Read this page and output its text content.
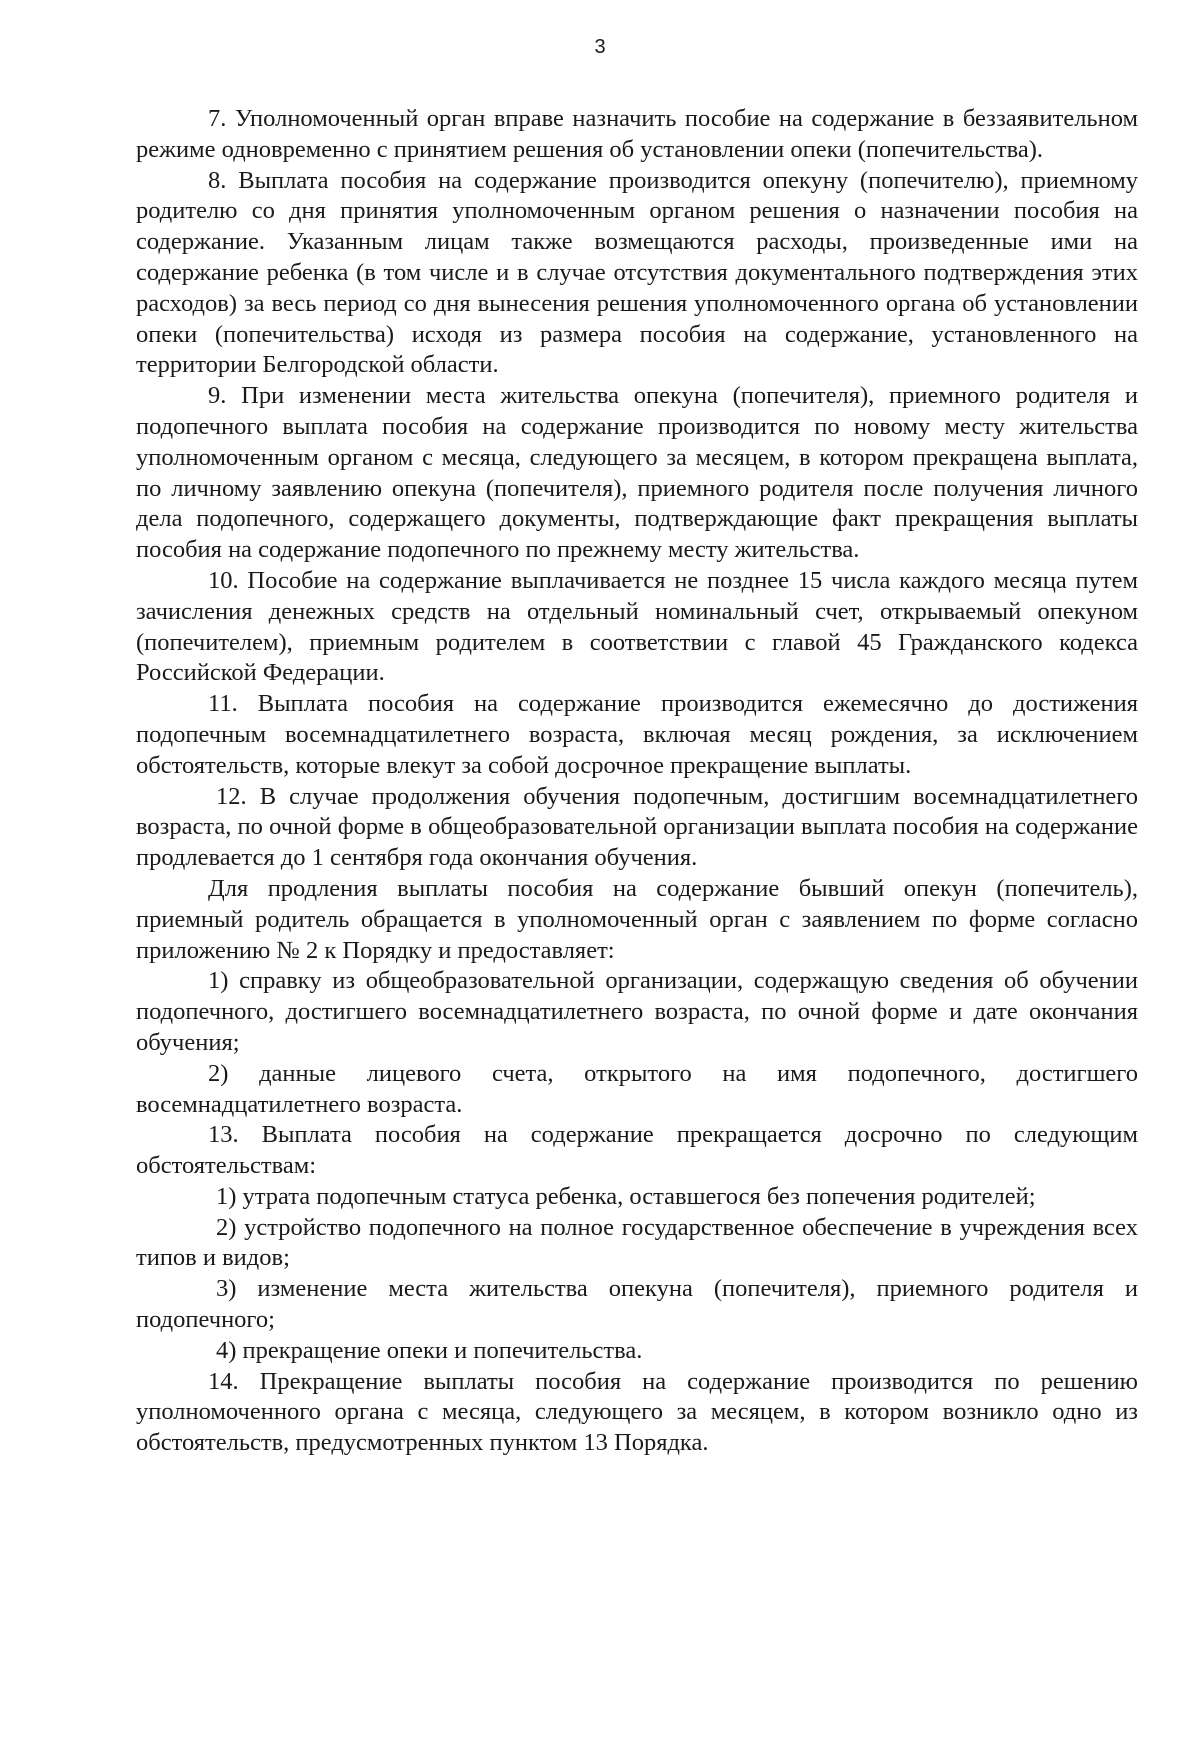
3

7. Уполномоченный орган вправе назначить пособие на содержание в беззаявительном режиме одновременно с принятием решения об установлении опеки (попечительства).

8. Выплата пособия на содержание производится опекуну (попечителю), приемному родителю со дня принятия уполномоченным органом решения о назначении пособия на содержание. Указанным лицам также возмещаются расходы, произведенные ими на содержание ребенка (в том числе и в случае отсутствия документального подтверждения этих расходов) за весь период со дня вынесения решения уполномоченного органа об установлении опеки (попечительства) исходя из размера пособия на содержание, установленного на территории Белгородской области.

9. При изменении места жительства опекуна (попечителя), приемного родителя и подопечного выплата пособия на содержание производится по новому месту жительства уполномоченным органом с месяца, следующего за месяцем, в котором прекращена выплата, по личному заявлению опекуна (попечителя), приемного родителя после получения личного дела подопечного, содержащего документы, подтверждающие факт прекращения выплаты пособия на содержание подопечного по прежнему месту жительства.

10. Пособие на содержание выплачивается не позднее 15 числа каждого месяца путем зачисления денежных средств на отдельный номинальный счет, открываемый опекуном (попечителем), приемным родителем в соответствии с главой 45 Гражданского кодекса Российской Федерации.

11. Выплата пособия на содержание производится ежемесячно до достижения подопечным восемнадцатилетнего возраста, включая месяц рождения, за исключением обстоятельств, которые влекут за собой досрочное прекращение выплаты.

12. В случае продолжения обучения подопечным, достигшим восемнадцатилетнего возраста, по очной форме в общеобразовательной организации выплата пособия на содержание продлевается до 1 сентября года окончания обучения.

Для продления выплаты пособия на содержание бывший опекун (попечитель), приемный родитель обращается в уполномоченный орган с заявлением по форме согласно приложению № 2 к Порядку и предоставляет:

1) справку из общеобразовательной организации, содержащую сведения об обучении подопечного, достигшего восемнадцатилетнего возраста, по очной форме и дате окончания обучения;

2) данные лицевого счета, открытого на имя подопечного, достигшего восемнадцатилетнего возраста.

13. Выплата пособия на содержание прекращается досрочно по следующим обстоятельствам:

1) утрата подопечным статуса ребенка, оставшегося без попечения родителей;

2) устройство подопечного на полное государственное обеспечение в учреждения всех типов и видов;

3) изменение места жительства опекуна (попечителя), приемного родителя и подопечного;

4) прекращение опеки и попечительства.

14. Прекращение выплаты пособия на содержание производится по решению уполномоченного органа с месяца, следующего за месяцем, в котором возникло одно из обстоятельств, предусмотренных пунктом 13 Порядка.
